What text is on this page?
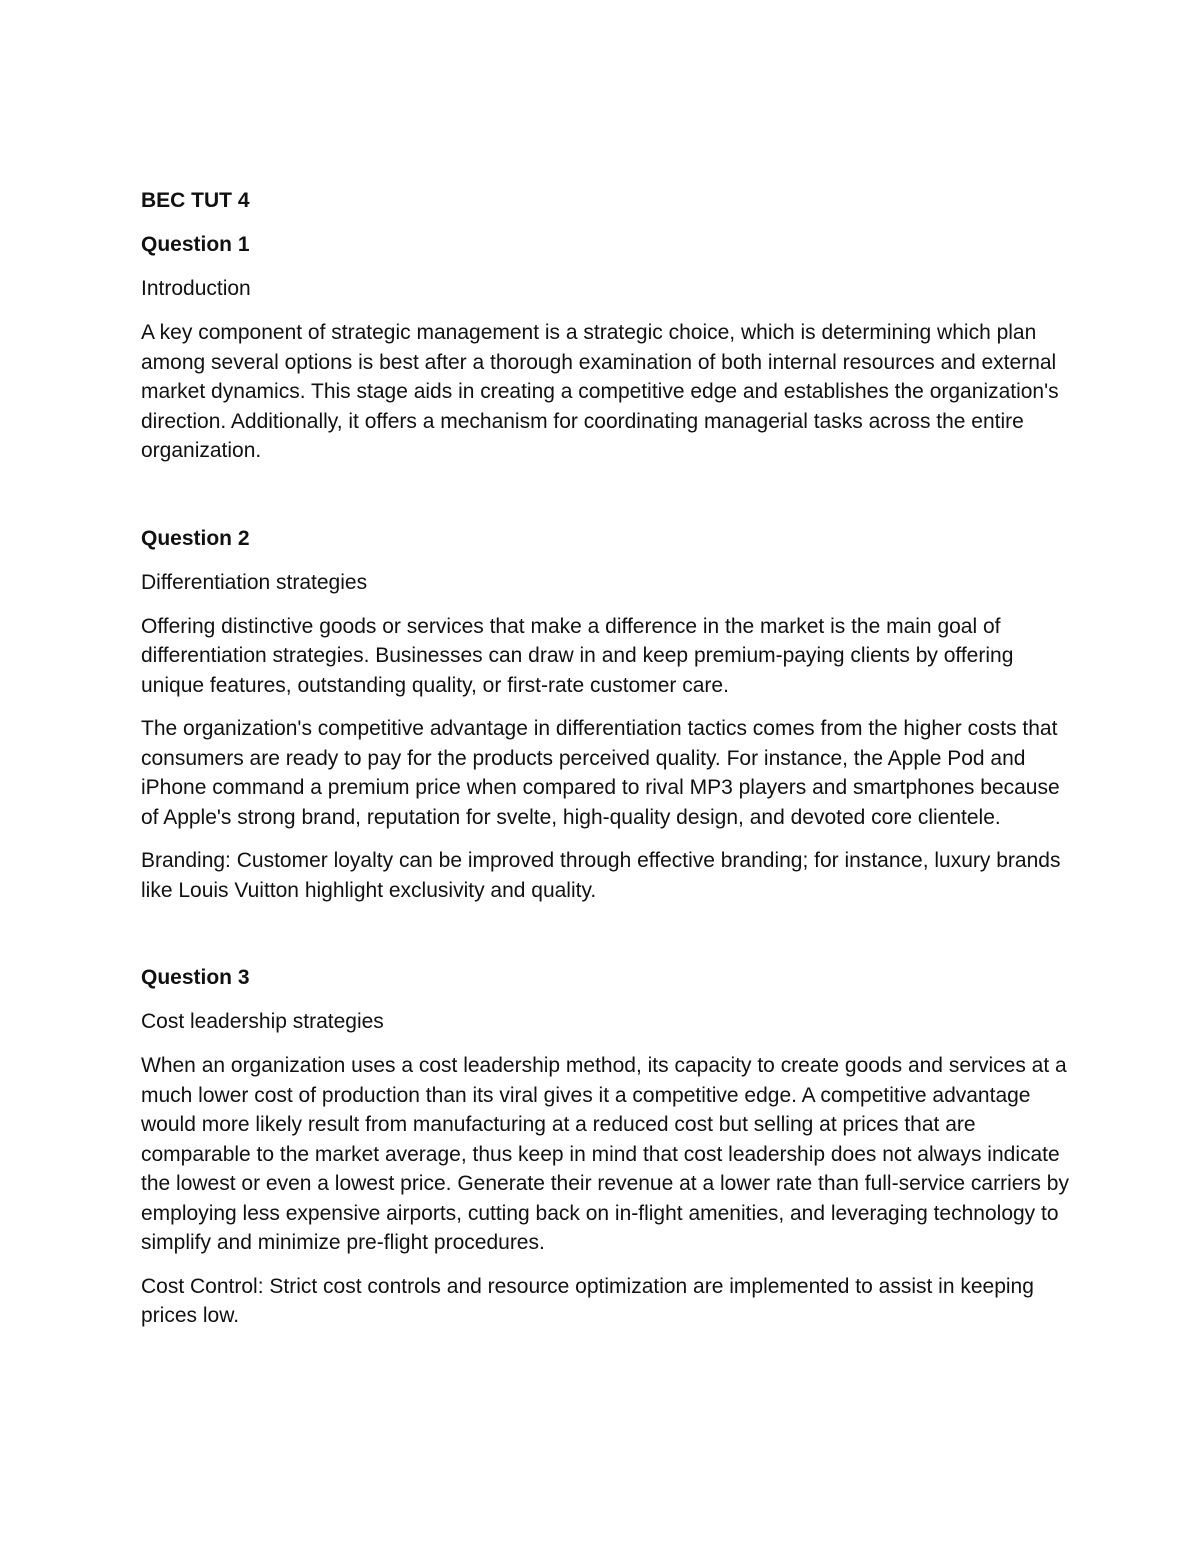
BEC TUT 4

Question 1

Introduction

A key component of strategic management is a strategic choice, which is determining which plan among several options is best after a thorough examination of both internal resources and external market dynamics. This stage aids in creating a competitive edge and establishes the organization's direction. Additionally, it offers a mechanism for coordinating managerial tasks across the entire organization.

Question 2

Differentiation strategies

Offering distinctive goods or services that make a difference in the market is the main goal of differentiation strategies. Businesses can draw in and keep premium-paying clients by offering unique features, outstanding quality, or first-rate customer care.

The organization's competitive advantage in differentiation tactics comes from the higher costs that consumers are ready to pay for the products perceived quality. For instance, the Apple Pod and iPhone command a premium price when compared to rival MP3 players and smartphones because of Apple's strong brand, reputation for svelte, high-quality design, and devoted core clientele.

Branding: Customer loyalty can be improved through effective branding; for instance, luxury brands like Louis Vuitton highlight exclusivity and quality.

Question 3

Cost leadership strategies

When an organization uses a cost leadership method, its capacity to create goods and services at a much lower cost of production than its viral gives it a competitive edge. A competitive advantage would more likely result from manufacturing at a reduced cost but selling at prices that are comparable to the market average, thus keep in mind that cost leadership does not always indicate the lowest or even a lowest price. Generate their revenue at a lower rate than full-service carriers by employing less expensive airports, cutting back on in-flight amenities, and leveraging technology to simplify and minimize pre-flight procedures.

Cost Control: Strict cost controls and resource optimization are implemented to assist in keeping prices low.
